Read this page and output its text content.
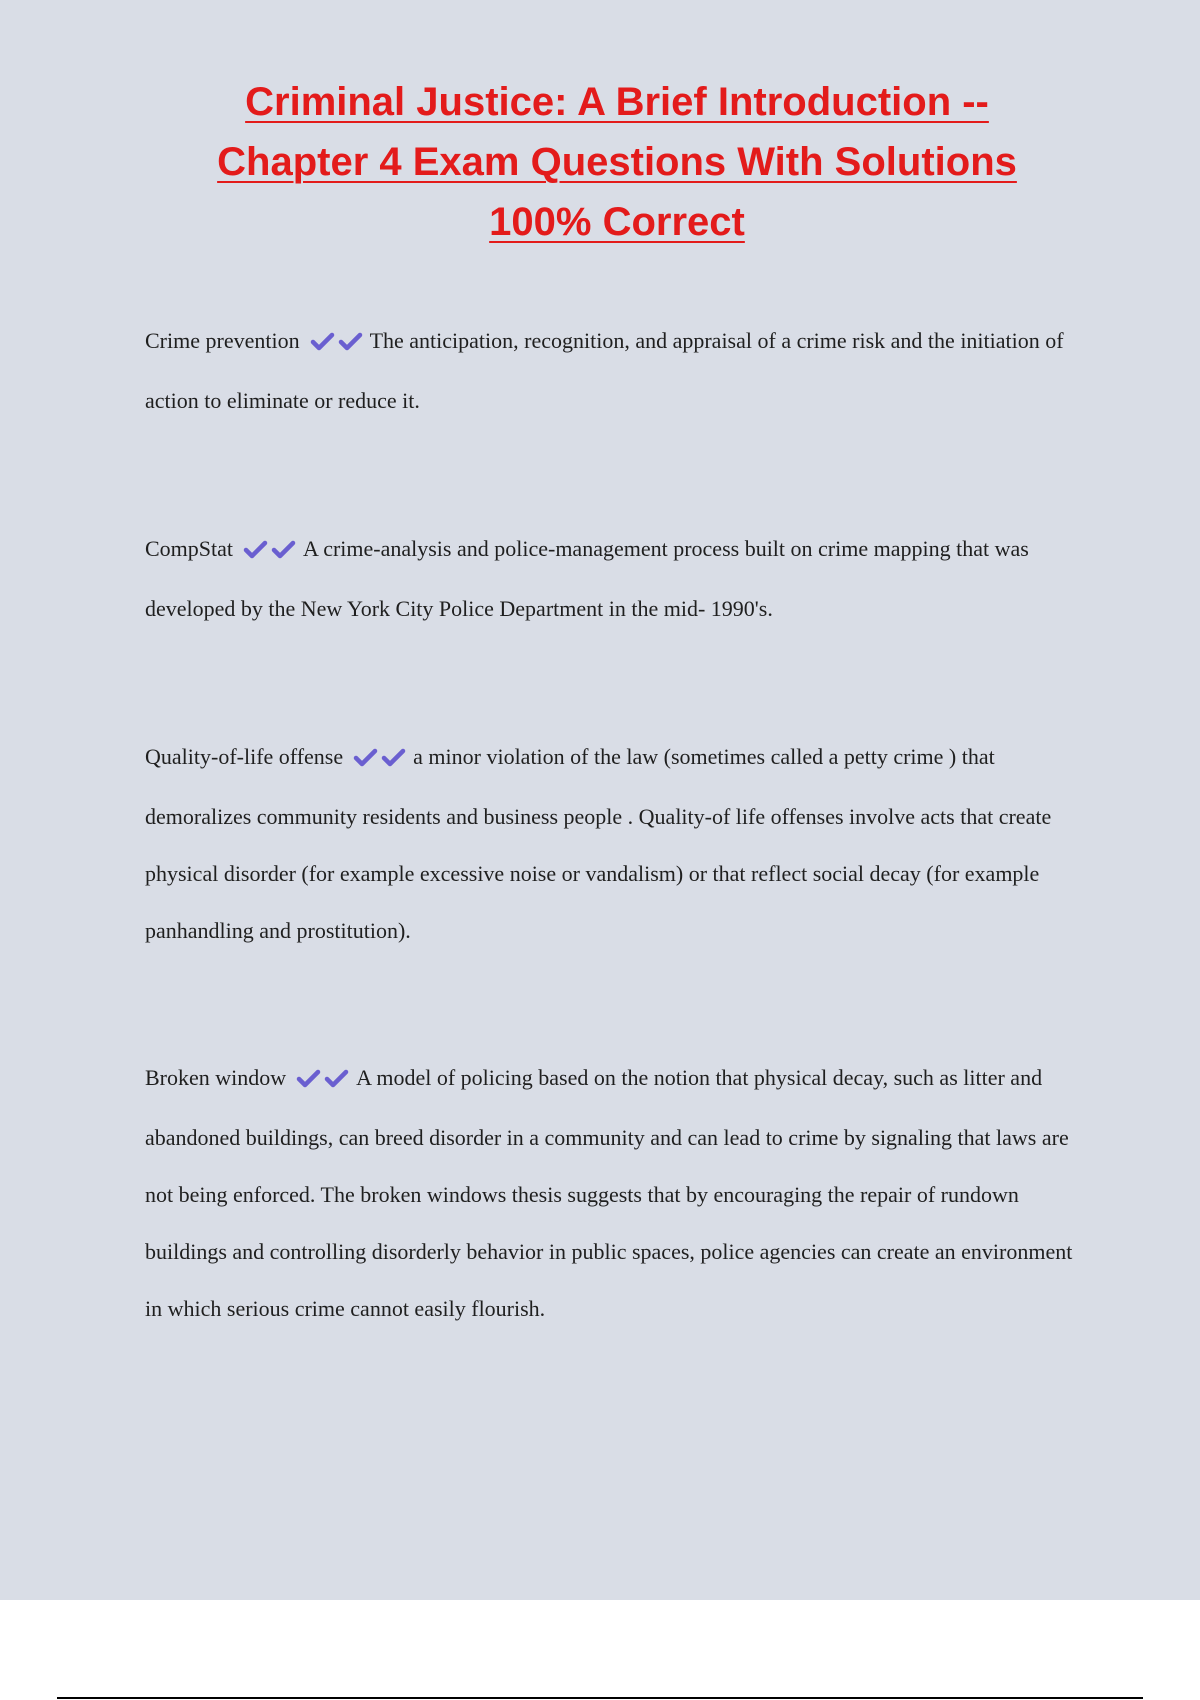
Criminal Justice: A Brief Introduction --
Chapter 4 Exam Questions With Solutions
100% Correct

Crime prevention	The anticipation, recognition, and appraisal of a crime risk and the initiation of action to eliminate or reduce it.

CompStat	A crime-analysis and police-management process built on crime mapping that was developed by the New York City Police Department in the mid- 1990's.

Quality-of-life offense	a minor violation of the law (sometimes called a petty crime ) that demoralizes community residents and business people . Quality-of life offenses involve acts that create physical disorder (for example excessive noise or vandalism) or that reflect social decay (for example panhandling and prostitution).

Broken window	A model of policing based on the notion that physical decay, such as litter and abandoned buildings, can breed disorder in a community and can lead to crime by signaling that laws are not being enforced. The broken windows thesis suggests that by encouraging the repair of rundown buildings and controlling disorderly behavior in public spaces, police agencies can create an environment in which serious crime cannot easily flourish.
